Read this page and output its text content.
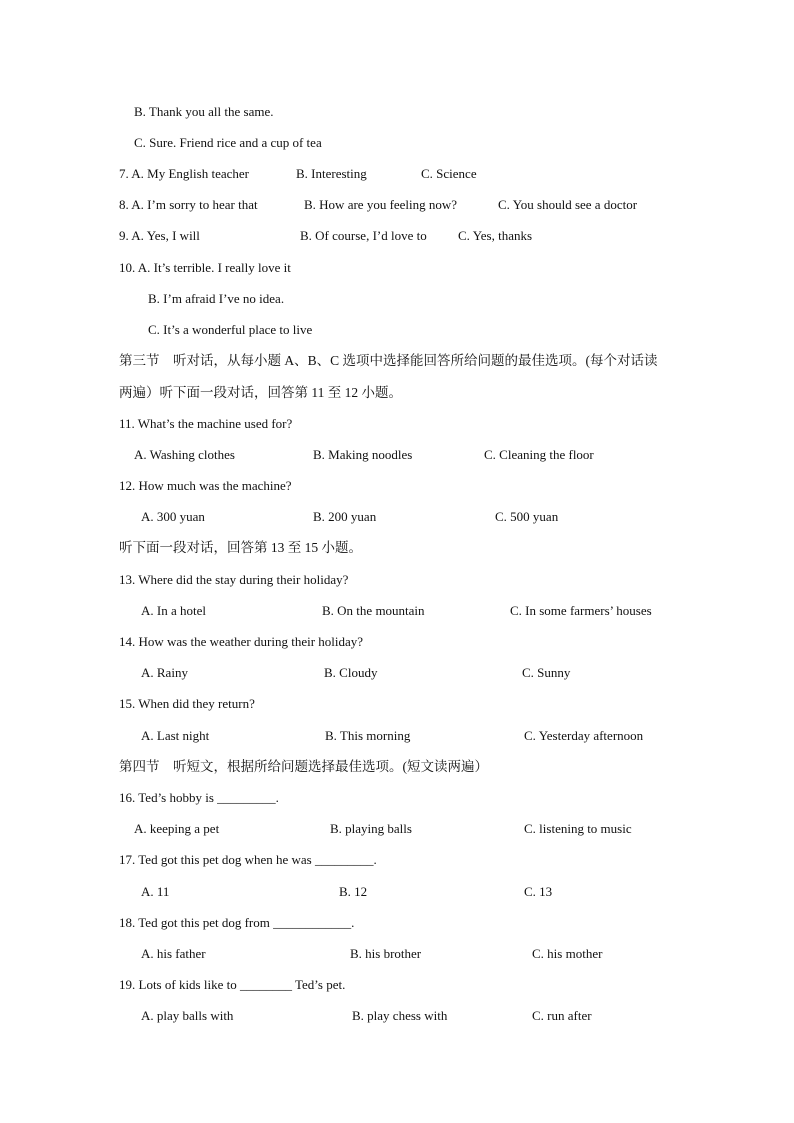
B. Thank you all the same.
C. Sure. Friend rice and a cup of tea
7. A. My English teacher	B. Interesting	C. Science
8. A. I’m sorry to hear that	B. How are you feeling now?	C. You should see a doctor
9. A. Yes, I will	B. Of course, I’d love to C. Yes, thanks
10. A. It’s terrible. I really love it
B. I’m afraid I’ve no idea.
C. It’s a wonderful place to live
第三节　听对话，从每小题 A、B、C 选项中选择能回答所给问题的最佳选项。(每个对话读
两遍）听下面一段对话，回答第 11 至 12 小题。
11. What’s the machine used for?
A. Washing clothes	B. Making noodles	C. Cleaning the floor
12. How much was the machine?
A. 300 yuan	B. 200 yuan	C. 500 yuan
听下面一段对话，回答第 13 至 15 小题。
13. Where did the stay during their holiday?
A. In a hotel	B. On the mountain	C. In some farmers’ houses
14. How was the weather during their holiday?
A. Rainy	B. Cloudy	C. Sunny
15. When did they return?
A. Last night	B. This morning	C. Yesterday afternoon
第四节　听短文，根据所给问题选择最佳选项。(短文读两遍）
16. Ted’s hobby is _________.
A. keeping a pet	B. playing balls	C. listening to music
17. Ted got this pet dog when he was _________.
A. 11	B. 12	C. 13
18. Ted got this pet dog from ____________.
A. his father	B. his brother	C. his mother
19. Lots of kids like to ________ Ted’s pet.
A. play balls with	B. play chess with	C. run after
